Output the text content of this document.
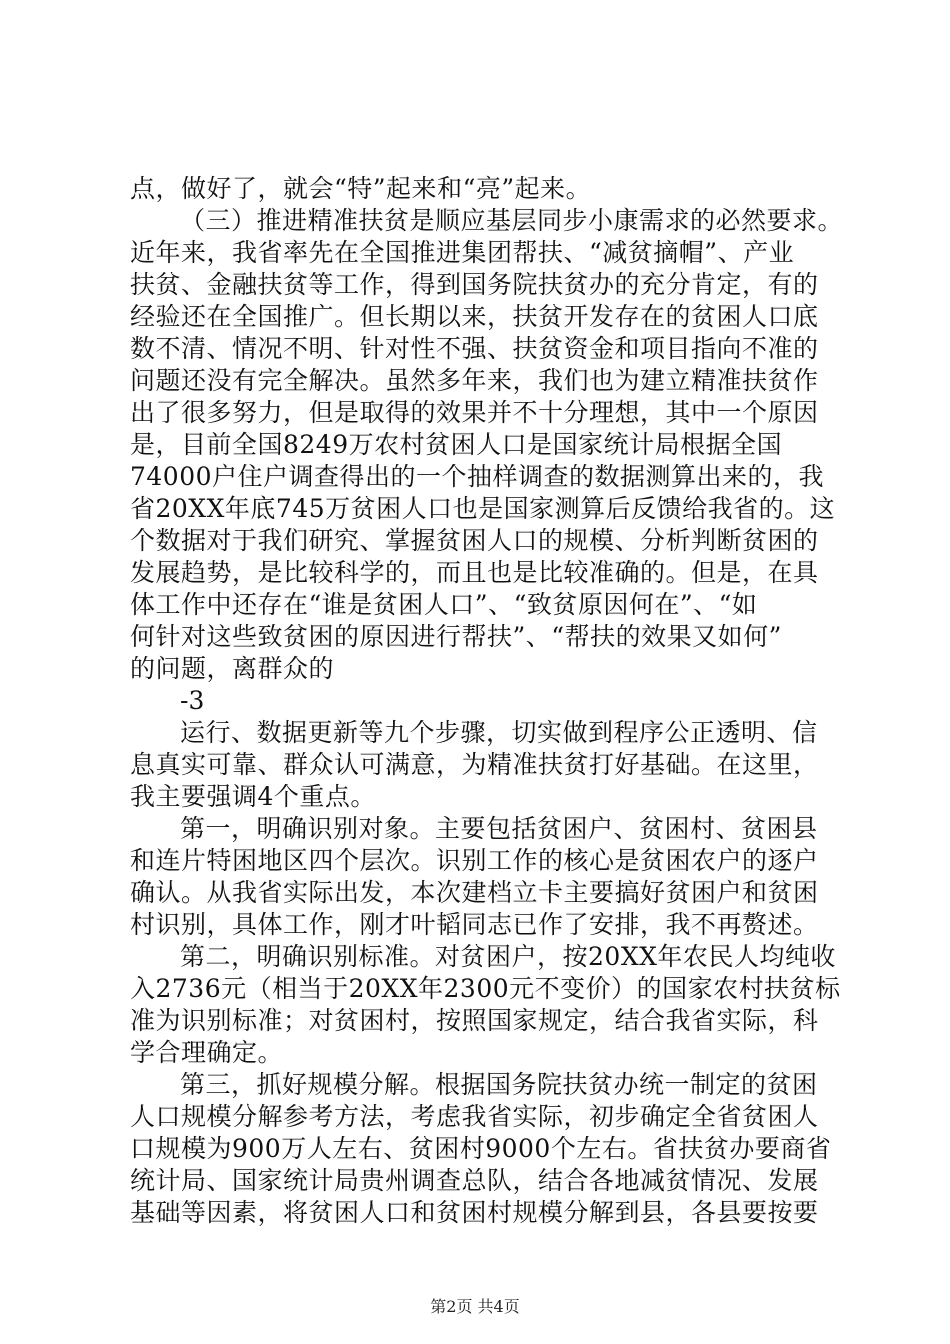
点，做好了，就会“特”起来和“亮”起来。
（三）推进精准扶贫是顺应基层同步小康需求的必然要求。
近年来，我省率先在全国推进集团帮扶、“减贫摘帽”、产业
扶贫、金融扶贫等工作，得到国务院扶贫办的充分肯定，有的
经验还在全国推广。但长期以来，扶贫开发存在的贫困人口底
数不清、情况不明、针对性不强、扶贫资金和项目指向不准的
问题还没有完全解决。虽然多年来，我们也为建立精准扶贫作
出了很多努力，但是取得的效果并不十分理想，其中一个原因
是，目前全国8249万农村贫困人口是国家统计局根据全国
74000户住户调查得出的一个抽样调查的数据测算出来的，我
省20XX年底745万贫困人口也是国家测算后反馈给我省的。这
个数据对于我们研究、掌握贫困人口的规模、分析判断贫困的
发展趋势，是比较科学的，而且也是比较准确的。但是，在具
体工作中还存在“谁是贫困人口”、“致贫原因何在”、“如
何针对这些致贫困的原因进行帮扶”、“帮扶的效果又如何”
的问题，离群众的
-3
运行、数据更新等九个步骤，切实做到程序公正透明、信
息真实可靠、群众认可满意，为精准扶贫打好基础。在这里，
我主要强调4个重点。
第一，明确识别对象。主要包括贫困户、贫困村、贫困县
和连片特困地区四个层次。识别工作的核心是贫困农户的逐户
确认。从我省实际出发，本次建档立卡主要搞好贫困户和贫困
村识别，具体工作，刚才叶韬同志已作了安排，我不再赘述。
第二，明确识别标准。对贫困户，按20XX年农民人均纯收
入2736元（相当于20XX年2300元不变价）的国家农村扶贫标
准为识别标准；对贫困村，按照国家规定，结合我省实际，科
学合理确定。
第三，抓好规模分解。根据国务院扶贫办统一制定的贫困
人口规模分解参考方法，考虑我省实际，初步确定全省贫困人
口规模为900万人左右、贫困村9000个左右。省扶贫办要商省
统计局、国家统计局贵州调查总队，结合各地减贫情况、发展
基础等因素，将贫困人口和贫困村规模分解到县，各县要按要
第2页 共4页
